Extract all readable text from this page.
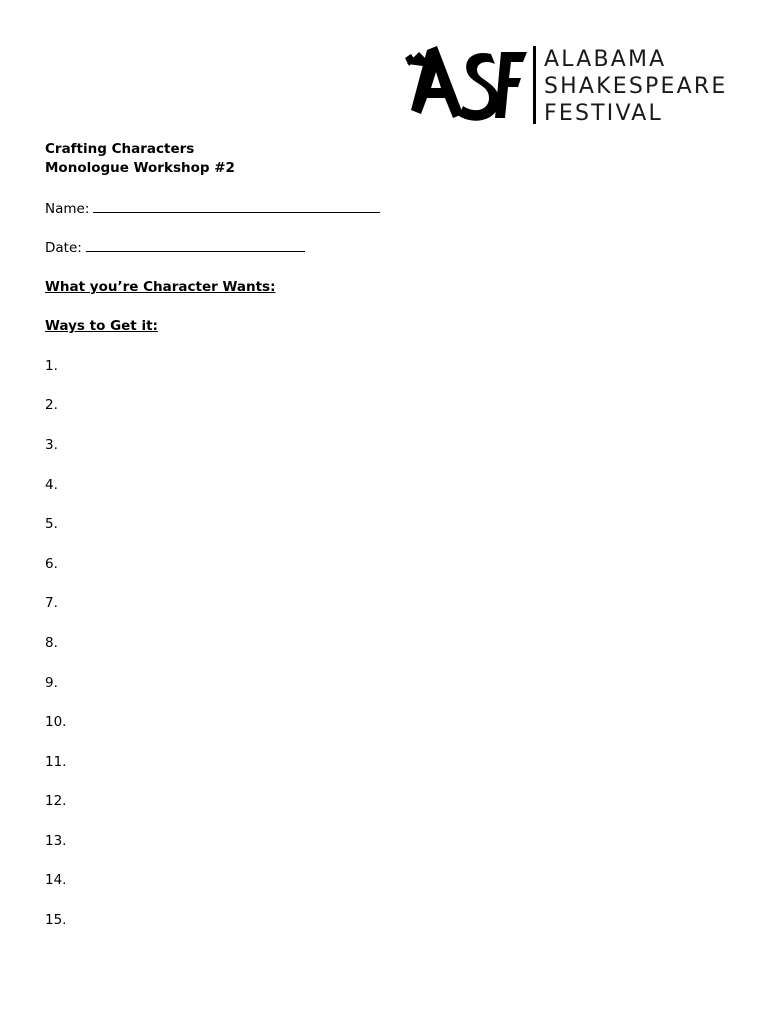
ALABAMA
SHAKESPEARE
FESTIVAL
Crafting Characters
Monologue Workshop #2
Name:
Date:
What you’re Character Wants:
Ways to Get it:
1.
2.
3.
4.
5.
6.
7.
8.
9.
10.
11.
12.
13.
14.
15.
